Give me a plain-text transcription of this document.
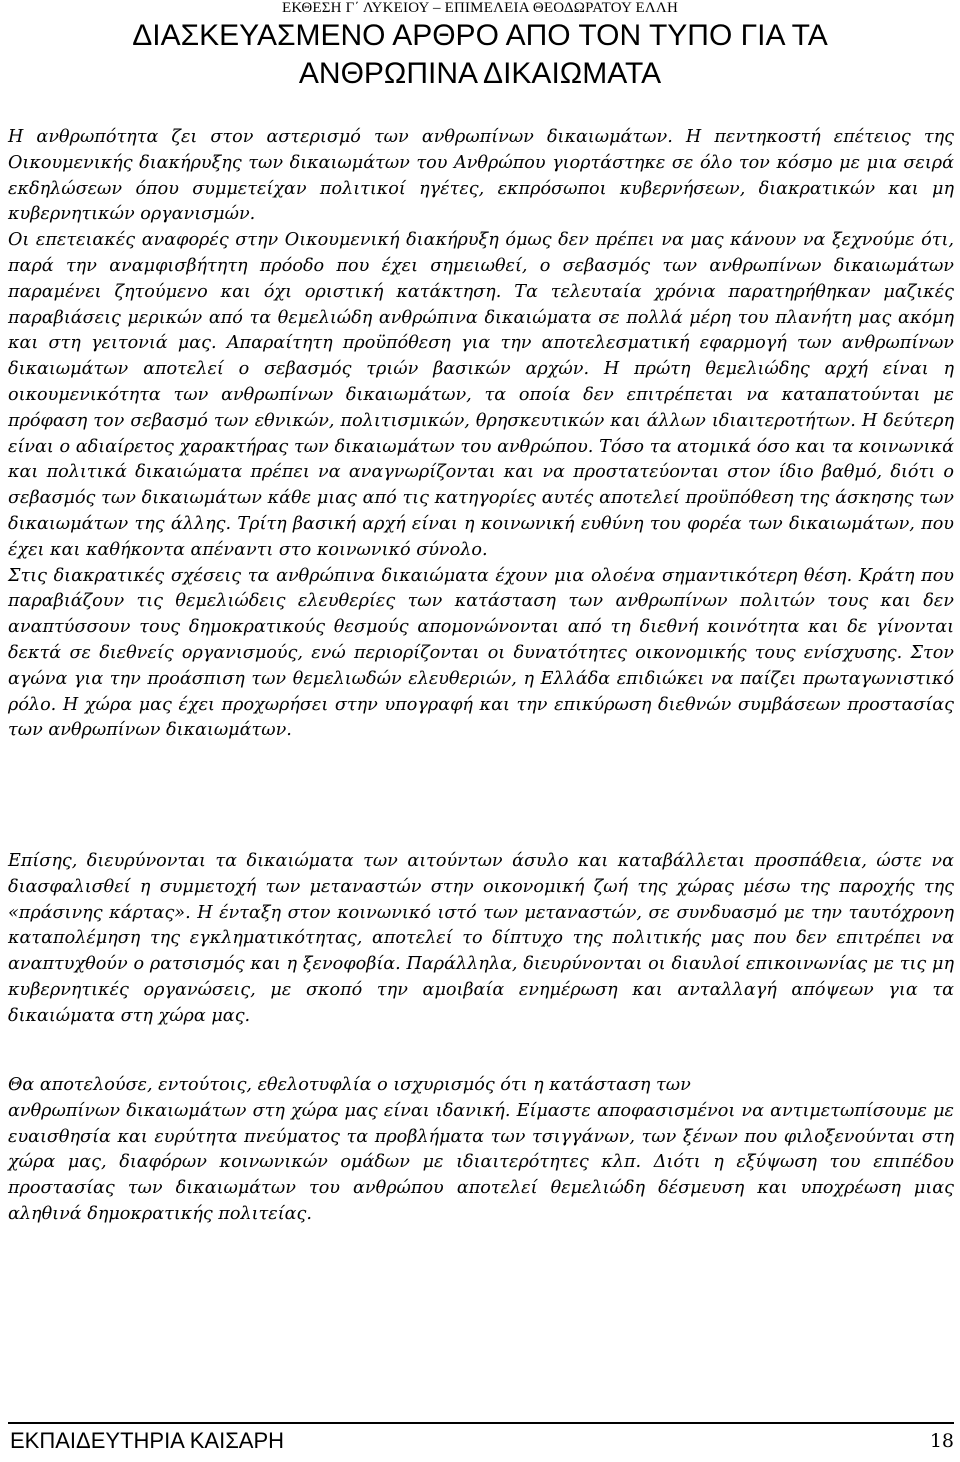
ΕΚΘΕΣΗ Γ΄ ΛΥΚΕΙΟΥ – ΕΠΙΜΕΛΕΙΑ ΘΕΟΔΩΡΑΤΟΥ ΕΛΛΗ
ΔΙΑΣΚΕΥΑΣΜΕΝΟ ΑΡΘΡΟ ΑΠΟ ΤΟΝ ΤΥΠΟ ΓΙΑ ΤΑ
ΑΝΘΡΩΠΙΝΑ ΔΙΚΑΙΩΜΑΤΑ

Η ανθρωπότητα ζει στον αστερισμό των ανθρωπίνων δικαιωμάτων. Η πεντηκοστή επέτειος της Οικουμενικής διακήρυξης των δικαιωμάτων του Ανθρώπου γιορτάστηκε σε όλο τον κόσμο με μια σειρά εκδηλώσεων όπου συμμετείχαν πολιτικοί ηγέτες, εκπρόσωποι κυβερνήσεων, διακρατικών και μη κυβερνητικών οργανισμών.

Οι επετειακές αναφορές στην Οικουμενική διακήρυξη όμως δεν πρέπει να μας κάνουν να ξεχνούμε ότι, παρά την αναμφισβήτητη πρόοδο που έχει σημειωθεί, ο σεβασμός των ανθρωπίνων δικαιωμάτων παραμένει ζητούμενο και όχι οριστική κατάκτηση. Τα τελευταία χρόνια παρατηρήθηκαν μαζικές παραβιάσεις μερικών από τα θεμελιώδη ανθρώπινα δικαιώματα σε πολλά μέρη του πλανήτη μας ακόμη και στη γειτονιά μας. Απαραίτητη προϋπόθεση για την αποτελεσματική εφαρμογή των ανθρωπίνων δικαιωμάτων αποτελεί ο σεβασμός τριών βασικών αρχών. Η πρώτη θεμελιώδης αρχή είναι η οικουμενικότητα των ανθρωπίνων δικαιωμάτων, τα οποία δεν επιτρέπεται να καταπατούνται με πρόφαση τον σεβασμό των εθνικών, πολιτισμικών, θρησκευτικών και άλλων ιδιαιτεροτήτων. Η δεύτερη είναι ο αδιαίρετος χαρακτήρας των δικαιωμάτων του ανθρώπου. Τόσο τα ατομικά όσο και τα κοινωνικά και πολιτικά δικαιώματα πρέπει να αναγνωρίζονται και να προστατεύονται στον ίδιο βαθμό, διότι ο σεβασμός των δικαιωμάτων κάθε μιας από τις κατηγορίες αυτές αποτελεί προϋπόθεση της άσκησης των δικαιωμάτων της άλλης. Τρίτη βασική αρχή είναι η κοινωνική ευθύνη του φορέα των δικαιωμάτων, που έχει και καθήκοντα απέναντι στο κοινωνικό σύνολο.

Στις διακρατικές σχέσεις τα ανθρώπινα δικαιώματα έχουν μια ολοένα σημαντικότερη θέση. Κράτη που παραβιάζουν τις θεμελιώδεις ελευθερίες των κατάσταση των ανθρωπίνων πολιτών τους και δεν αναπτύσσουν τους δημοκρατικούς θεσμούς απομονώνονται από τη διεθνή κοινότητα και δε γίνονται δεκτά σε διεθνείς οργανισμούς, ενώ περιορίζονται οι δυνατότητες οικονομικής τους ενίσχυσης. Στον αγώνα για την προάσπιση των θεμελιωδών ελευθεριών, η Ελλάδα επιδιώκει να παίζει πρωταγωνιστικό ρόλο. Η χώρα μας έχει προχωρήσει στην υπογραφή και την επικύρωση διεθνών συμβάσεων προστασίας των ανθρωπίνων δικαιωμάτων.

Επίσης, διευρύνονται τα δικαιώματα των αιτούντων άσυλο και καταβάλλεται προσπάθεια, ώστε να διασφαλισθεί η συμμετοχή των μεταναστών στην οικονομική ζωή της χώρας μέσω της παροχής της «πράσινης κάρτας». Η ένταξη στον κοινωνικό ιστό των μεταναστών, σε συνδυασμό με την ταυτόχρονη καταπολέμηση της εγκληματικότητας, αποτελεί το δίπτυχο της πολιτικής μας που δεν επιτρέπει να αναπτυχθούν ο ρατσισμός και η ξενοφοβία. Παράλληλα, διευρύνονται οι διαυλοί επικοινωνίας με τις μη κυβερνητικές οργανώσεις, με σκοπό την αμοιβαία ενημέρωση και ανταλλαγή απόψεων για τα δικαιώματα στη χώρα μας.

Θα αποτελούσε, εντούτοις, εθελοτυφλία ο ισχυρισμός ότι η κατάσταση των

ανθρωπίνων δικαιωμάτων στη χώρα μας είναι ιδανική. Είμαστε αποφασισμένοι να αντιμετωπίσουμε με ευαισθησία και ευρύτητα πνεύματος τα προβλήματα των τσιγγάνων, των ξένων που φιλοξενούνται στη χώρα μας, διαφόρων κοινωνικών ομάδων με ιδιαιτερότητες κλπ. Διότι η εξύψωση του επιπέδου προστασίας των δικαιωμάτων του ανθρώπου αποτελεί θεμελιώδη δέσμευση και υποχρέωση μιας αληθινά δημοκρατικής πολιτείας.

ΕΚΠΑΙΔΕΥΤΗΡΙΑ ΚΑΙΣΑΡΗ	18
